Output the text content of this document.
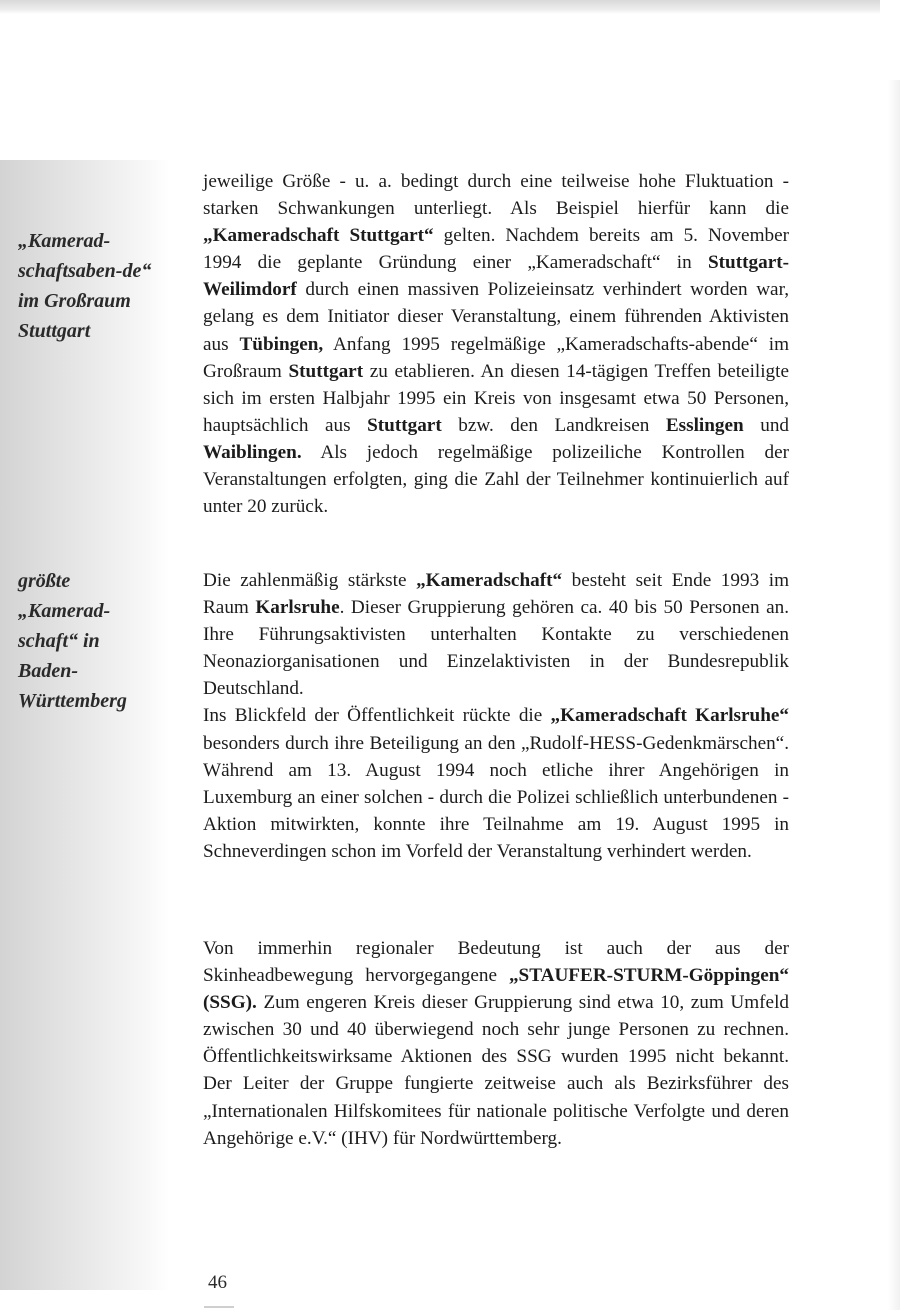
„Kamerad-schaftsaben-de“ im Großraum Stuttgart
größte „Kamerad-schaft“ in Baden-Württemberg

jeweilige Größe - u. a. bedingt durch eine teilweise hohe Fluktuation - starken Schwankungen unterliegt. Als Beispiel hierfür kann die „Kameradschaft Stuttgart“ gelten. Nachdem bereits am 5. November 1994 die geplante Gründung einer „Kameradschaft“ in Stuttgart-Weilimdorf durch einen massiven Polizeieinsatz verhindert worden war, gelang es dem Initiator dieser Veranstaltung, einem führenden Aktivisten aus Tübingen, Anfang 1995 regelmäßige „Kameradschafts-abende“ im Großraum Stuttgart zu etablieren. An diesen 14-tägigen Treffen beteiligte sich im ersten Halbjahr 1995 ein Kreis von insgesamt etwa 50 Personen, hauptsächlich aus Stuttgart bzw. den Landkreisen Esslingen und Waiblingen. Als jedoch regelmäßige polizeiliche Kontrollen der Veranstaltungen erfolgten, ging die Zahl der Teilnehmer kontinuierlich auf unter 20 zurück.

Die zahlenmäßig stärkste „Kameradschaft“ besteht seit Ende 1993 im Raum Karlsruhe. Dieser Gruppierung gehören ca. 40 bis 50 Personen an. Ihre Führungsaktivisten unterhalten Kontakte zu verschiedenen Neonaziorganisationen und Einzelaktivisten in der Bundesrepublik Deutschland.

Ins Blickfeld der Öffentlichkeit rückte die „Kameradschaft Karlsruhe“ besonders durch ihre Beteiligung an den „Rudolf-HESS-Gedenkmärschen“. Während am 13. August 1994 noch etliche ihrer Angehörigen in Luxemburg an einer solchen - durch die Polizei schließlich unterbundenen - Aktion mitwirkten, konnte ihre Teilnahme am 19. August 1995 in Schneverdingen schon im Vorfeld der Veranstaltung verhindert werden.

Von immerhin regionaler Bedeutung ist auch der aus der Skinheadbewegung hervorgegangene „STAUFER-STURM-Göppingen“ (SSG). Zum engeren Kreis dieser Gruppierung sind etwa 10, zum Umfeld zwischen 30 und 40 überwiegend noch sehr junge Personen zu rechnen. Öffentlichkeitswirksame Aktionen des SSG wurden 1995 nicht bekannt. Der Leiter der Gruppe fungierte zeitweise auch als Bezirksführer des „Internationalen Hilfskomitees für nationale politische Verfolgte und deren Angehörige e.V.“ (IHV) für Nordwürttemberg.

46
